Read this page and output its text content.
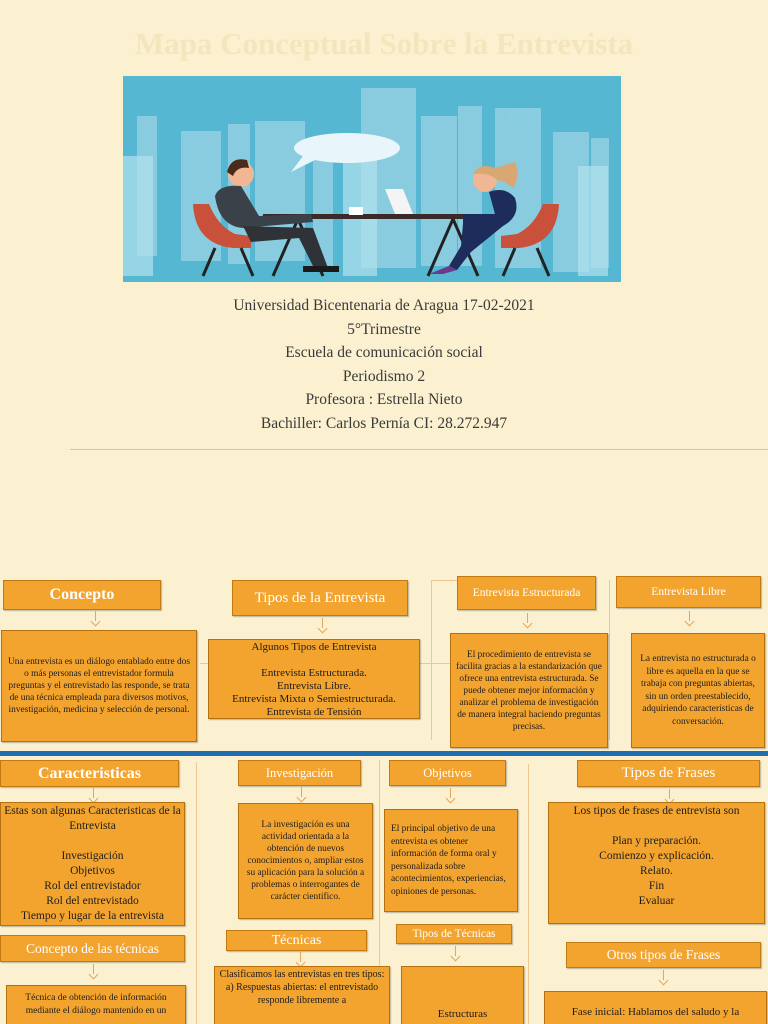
Mapa Conceptual Sobre la Entrevista
Universidad Bicentenaria de Aragua 17-02-2021
5°Trimestre
Escuela de comunicación social
Periodismo 2
Profesora : Estrella Nieto
Bachiller: Carlos Pernía CI: 28.272.947
Concepto	Tipos de la Entrevista	Entrevista Estructurada	Entrevista Libre

Una entrevista es un diálogo entablado entre dos o más personas el entrevistador formula preguntas y el entrevistado las responde, se trata de una técnica empleada para diversos motivos, investigación, medicina y selección de personal.

Algunos Tipos de Entrevista

Entrevista Estructurada.
Entrevista Libre.
Entrevista Mixta o Semiestructurada.
Entrevista de Tensión

El procedimiento de entrevista se facilita gracias a la estandarización que ofrece una entrevista estructurada. Se puede obtener mejor información y analizar el problema de investigación de manera integral haciendo preguntas precisas.

La entrevista no estructurada o libre es aquella en la que se trabaja con preguntas abiertas, sin un orden preestablecido, adquiriendo características de conversación.

Caracteristicas	Investigación	Objetivos	Tipos de Frases

Estas son algunas Caracteristicas de la Entrevista

Investigación
Objetivos
Rol del entrevistador
Rol del entrevistado
Tiempo y lugar de la entrevista

La investigación es una actividad orientada a la obtención de nuevos conocimientos o, ampliar estos su aplicación para la solución a problemas o interrogantes de carácter científico.

El principal objetivo de una entrevista es obtener información de forma oral y personalizada sobre acontecimientos, experiencias, opiniones de personas.

Los tipos de frases de entrevista son

Plan y preparación.
Comienzo y explicación.
Relato.
Fin
Evaluar

Concepto de las técnicas
Técnicas	Tipos de Técnicas
Otros tipos de Frases

Técnica de obtención de información mediante el diálogo mantenido en un

Clasificamos las entrevistas en tres tipos:
a) Respuestas abiertas: el entrevistado responde libremente a

Estructuras	Fase inicial: Hablamos del saludo y la
